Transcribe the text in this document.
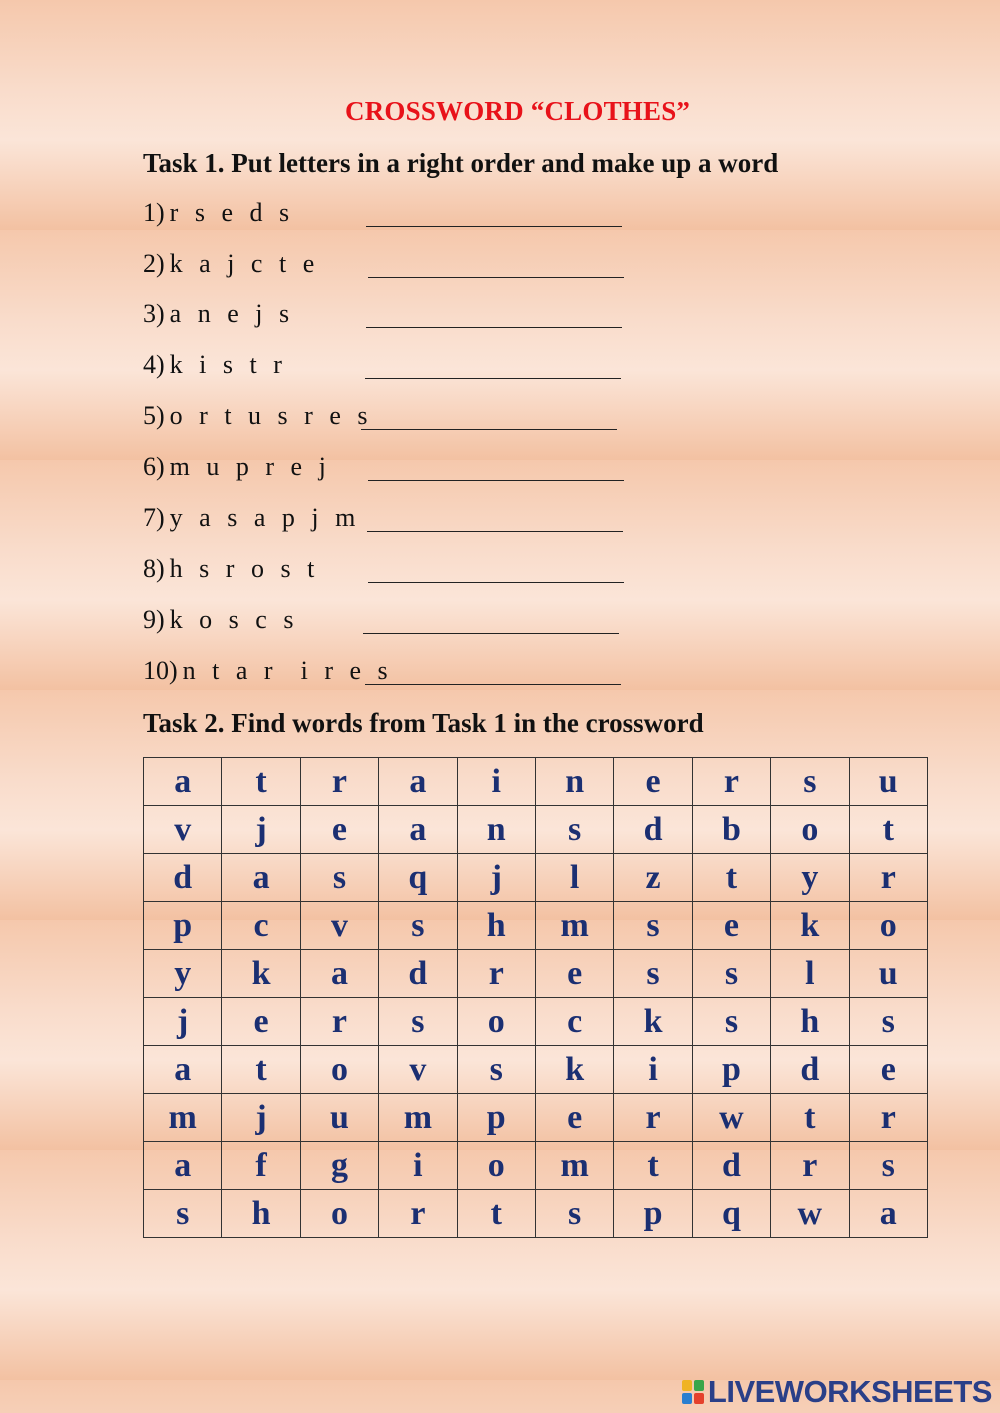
CROSSWORD “CLOTHES”
Task 1. Put letters in a right order and make up a word
1) r s e d s
2) k a j c t e
3) a n e j s
4) k i s t r
5) o r t u s r e s
6) m u p r e j
7) y a s a p j m
8) h s r o s t
9) k o s c s
10) n t a r  i r e s
Task 2. Find words from Task 1 in the crossword
a	t	r	a	i	n	e	r	s	u
v	j	e	a	n	s	d	b	o	t
d	a	s	q	j	l	z	t	y	r
p	c	v	s	h	m	s	e	k	o
y	k	a	d	r	e	s	s	l	u
j	e	r	s	o	c	k	s	h	s
a	t	o	v	s	k	i	p	d	e
m	j	u	m	p	e	r	w	t	r
a	f	g	i	o	m	t	d	r	s
s	h	o	r	t	s	p	q	w	a
LIVEWORKSHEETS
